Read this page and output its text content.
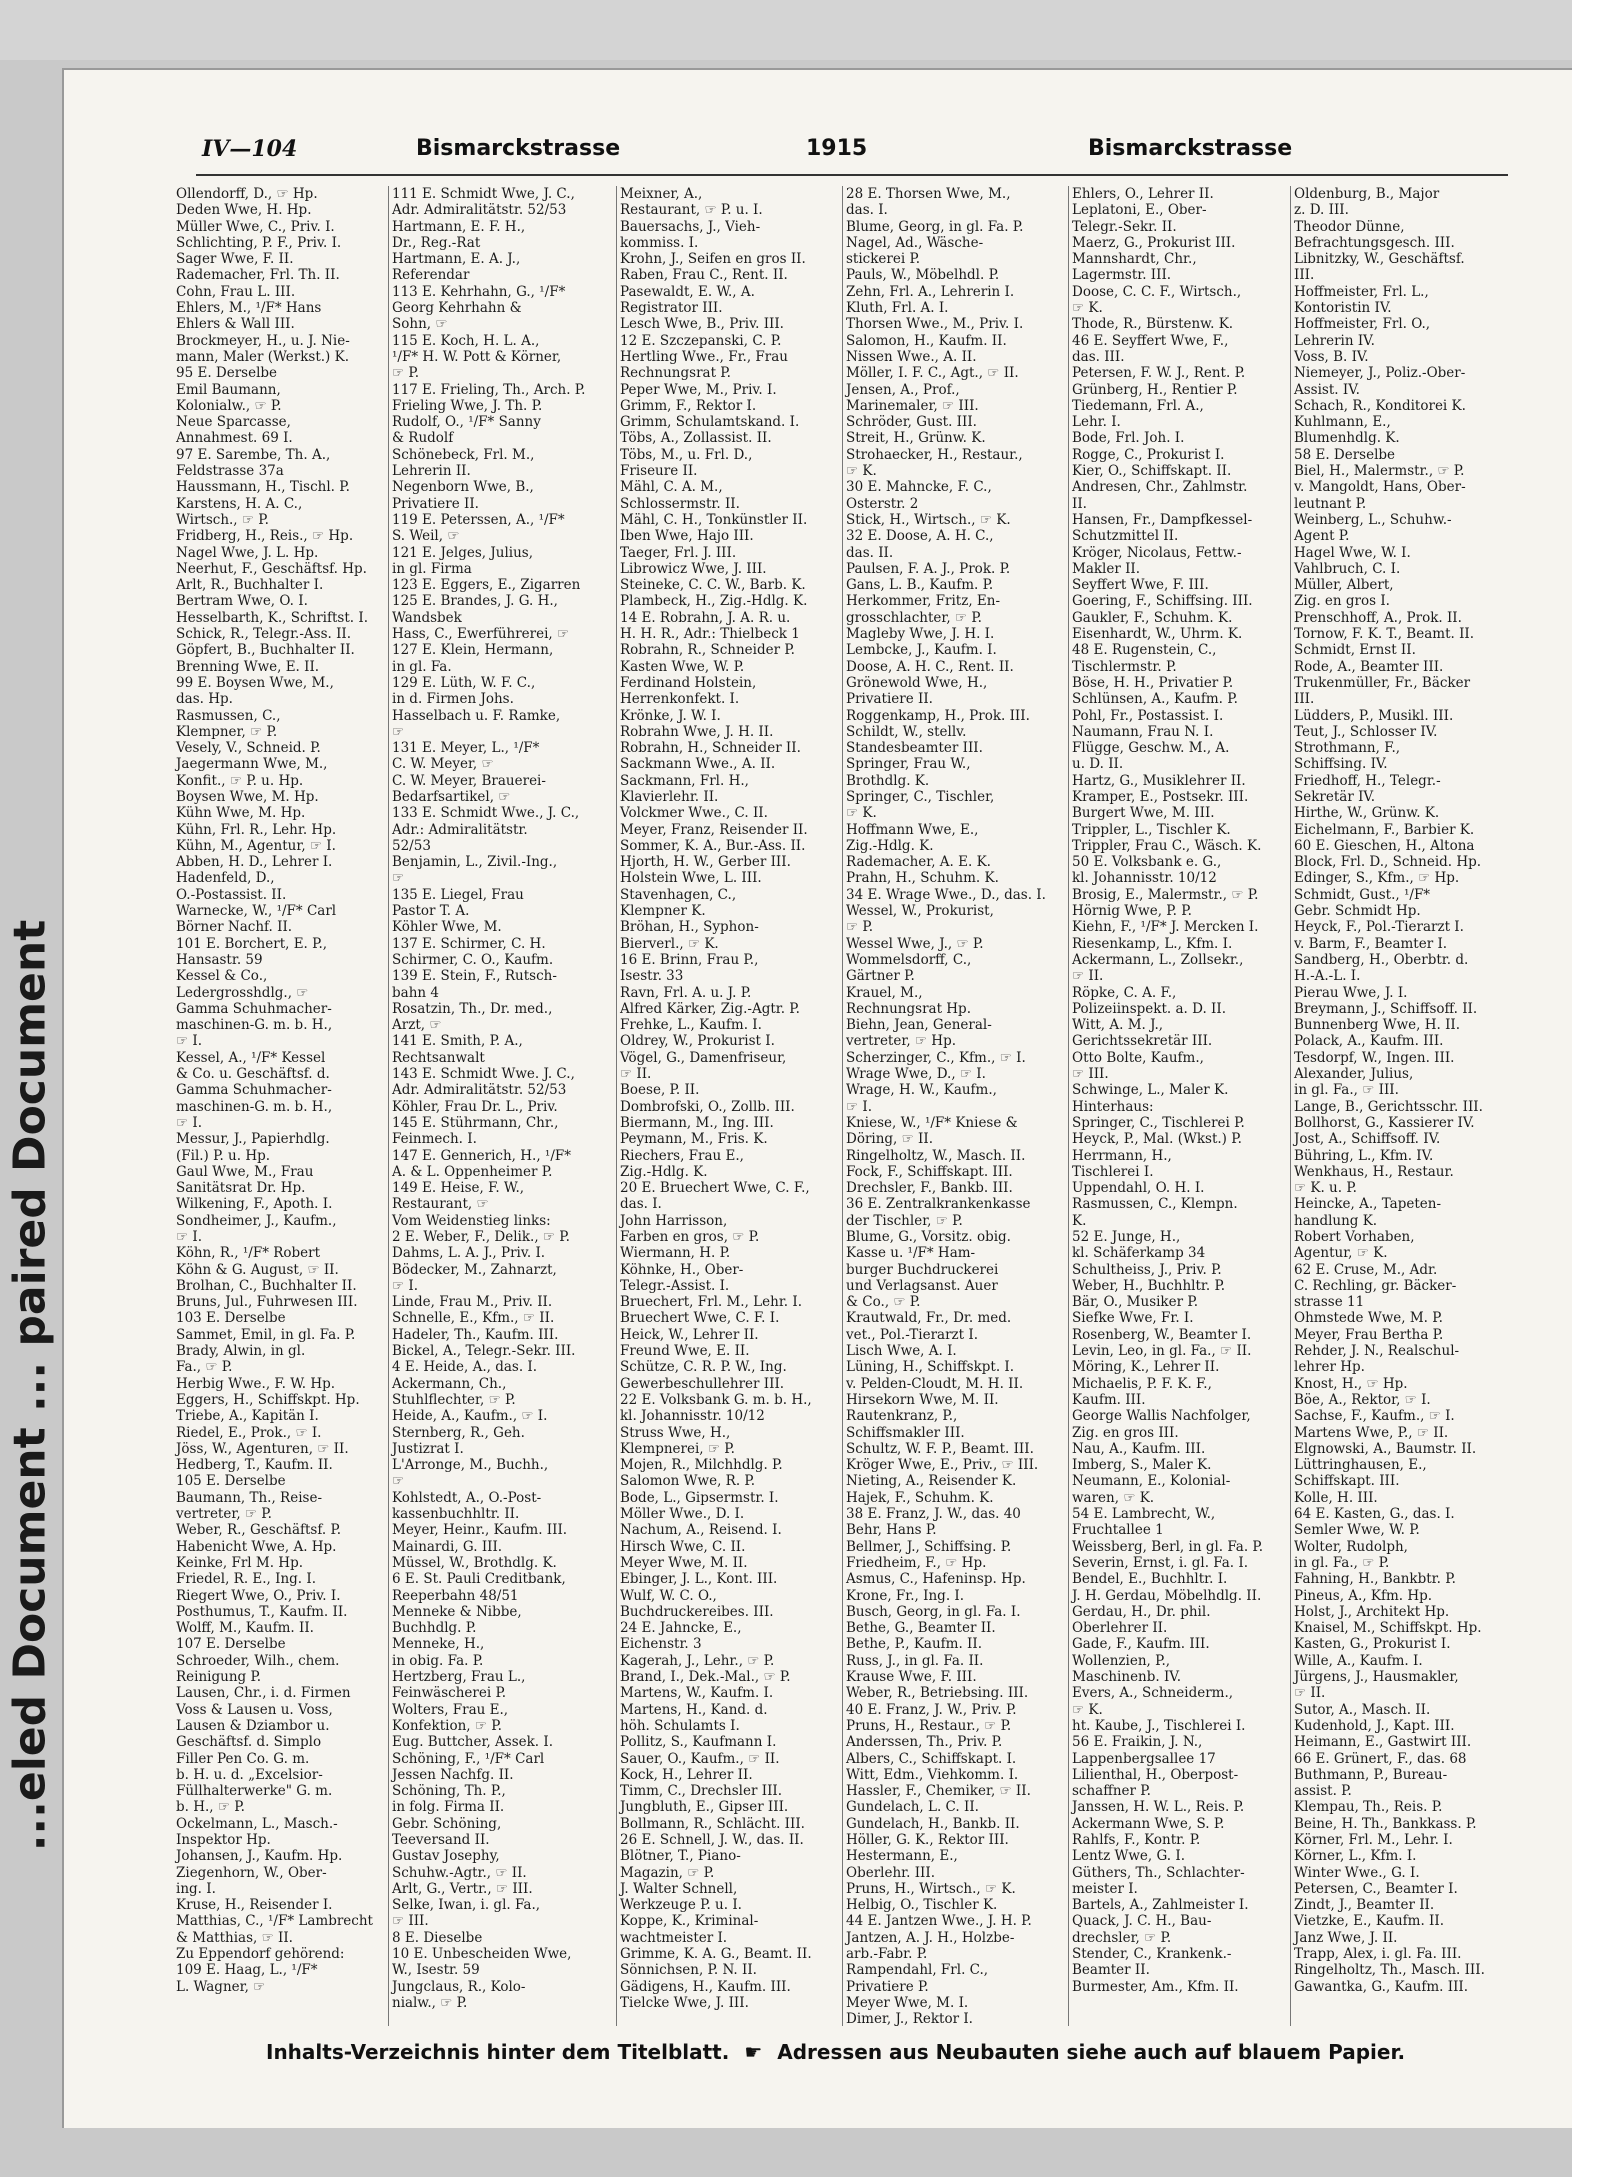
...eled Document ... paired Document
IV—104	Bismarckstrasse	1915	Bismarckstrasse
Ollendorff, D., ☞ Hp.
Deden Wwe, H. Hp.
Müller Wwe, C., Priv. I.
Schlichting, P. F., Priv. I.
Sager Wwe, F. II.
Rademacher, Frl. Th. II.
Cohn, Frau L. III.
Ehlers, M., ¹/F* Hans
Ehlers & Wall III.
Brockmeyer, H., u. J. Nie-
mann, Maler (Werkst.) K.
95 E. Derselbe
Emil Baumann,
Kolonialw., ☞ P.
Neue Sparcasse,
Annahmest. 69 I.
97 E. Sarembe, Th. A.,
Feldstrasse 37a
Haussmann, H., Tischl. P.
Karstens, H. A. C.,
Wirtsch., ☞ P.
Fridberg, H., Reis., ☞ Hp.
Nagel Wwe, J. L. Hp.
Neerhut, F., Geschäftsf. Hp.
Arlt, R., Buchhalter I.
Bertram Wwe, O. I.
Hesselbarth, K., Schriftst. I.
Schick, R., Telegr.-Ass. II.
Göpfert, B., Buchhalter II.
Brenning Wwe, E. II.
99 E. Boysen Wwe, M.,
das. Hp.
Rasmussen, C.,
Klempner, ☞ P.
Vesely, V., Schneid. P.
Jaegermann Wwe, M.,
Konfit., ☞ P. u. Hp.
Boysen Wwe, M. Hp.
Kühn Wwe, M. Hp.
Kühn, Frl. R., Lehr. Hp.
Kühn, M., Agentur, ☞ I.
Abben, H. D., Lehrer I.
Hadenfeld, D.,
O.-Postassist. II.
Warnecke, W., ¹/F* Carl
Börner Nachf. II.
101 E. Borchert, E. P.,
Hansastr. 59
Kessel & Co.,
Ledergrosshdlg., ☞
Gamma Schuhmacher-
maschinen-G. m. b. H.,
☞ I.
Kessel, A., ¹/F* Kessel
& Co. u. Geschäftsf. d.
Gamma Schuhmacher-
maschinen-G. m. b. H.,
☞ I.
Messur, J., Papierhdlg.
(Fil.) P. u. Hp.
Gaul Wwe, M., Frau
Sanitätsrat Dr. Hp.
Wilkening, F., Apoth. I.
Sondheimer, J., Kaufm.,
☞ I.
Köhn, R., ¹/F* Robert
Köhn & G. August, ☞ II.
Brolhan, C., Buchhalter II.
Bruns, Jul., Fuhrwesen III.
103 E. Derselbe
Sammet, Emil, in gl. Fa. P.
Brady, Alwin, in gl.
Fa., ☞ P.
Herbig Wwe., F. W. Hp.
Eggers, H., Schiffskpt. Hp.
Triebe, A., Kapitän I.
Riedel, E., Prok., ☞ I.
Jöss, W., Agenturen, ☞ II.
Hedberg, T., Kaufm. II.
105 E. Derselbe
Baumann, Th., Reise-
vertreter, ☞ P.
Weber, R., Geschäftsf. P.
Habenicht Wwe, A. Hp.
Keinke, Frl M. Hp.
Friedel, R. E., Ing. I.
Riegert Wwe, O., Priv. I.
Posthumus, T., Kaufm. II.
Wolff, M., Kaufm. II.
107 E. Derselbe
Schroeder, Wilh., chem.
Reinigung P.
Lausen, Chr., i. d. Firmen
Voss & Lausen u. Voss,
Lausen & Dziambor u.
Geschäftsf. d. Simplo
Filler Pen Co. G. m.
b. H. u. d. „Excelsior-
Füllhalterwerke" G. m.
b. H., ☞ P.
Ockelmann, L., Masch.-
Inspektor Hp.
Johansen, J., Kaufm. Hp.
Ziegenhorn, W., Ober-
ing. I.
Kruse, H., Reisender I.
Matthias, C., ¹/F* Lambrecht
& Matthias, ☞ II.
Zu Eppendorf gehörend:
109 E. Haag, L., ¹/F*
L. Wagner, ☞
111 E. Schmidt Wwe, J. C.,
Adr. Admiralitätstr. 52/53
Hartmann, E. F. H.,
Dr., Reg.-Rat
Hartmann, E. A. J.,
Referendar
113 E. Kehrhahn, G., ¹/F*
Georg Kehrhahn &
Sohn, ☞
115 E. Koch, H. L. A.,
¹/F* H. W. Pott & Körner,
☞ P.
117 E. Frieling, Th., Arch. P.
Frieling Wwe, J. Th. P.
Rudolf, O., ¹/F* Sanny
& Rudolf
Schönebeck, Frl. M.,
Lehrerin II.
Negenborn Wwe, B.,
Privatiere II.
119 E. Peterssen, A., ¹/F*
S. Weil, ☞
121 E. Jelges, Julius,
in gl. Firma
123 E. Eggers, E., Zigarren
125 E. Brandes, J. G. H.,
Wandsbek
Hass, C., Ewerführerei, ☞
127 E. Klein, Hermann,
in gl. Fa.
129 E. Lüth, W. F. C.,
in d. Firmen Johs.
Hasselbach u. F. Ramke,
☞
131 E. Meyer, L., ¹/F*
C. W. Meyer, ☞
C. W. Meyer, Brauerei-
Bedarfsartikel, ☞
133 E. Schmidt Wwe., J. C.,
Adr.: Admiralitätstr.
52/53
Benjamin, L., Zivil.-Ing.,
☞
135 E. Liegel, Frau
Pastor T. A.
Köhler Wwe, M.
137 E. Schirmer, C. H.
Schirmer, C. O., Kaufm.
139 E. Stein, F., Rutsch-
bahn 4
Rosatzin, Th., Dr. med.,
Arzt, ☞
141 E. Smith, P. A.,
Rechtsanwalt
143 E. Schmidt Wwe. J. C.,
Adr. Admiralitätstr. 52/53
Köhler, Frau Dr. L., Priv.
145 E. Stührmann, Chr.,
Feinmech. I.
147 E. Gennerich, H., ¹/F*
A. & L. Oppenheimer P.
149 E. Heise, F. W.,
Restaurant, ☞
Vom Weidenstieg links:
2 E. Weber, F., Delik., ☞ P.
Dahms, L. A. J., Priv. I.
Bödecker, M., Zahnarzt,
☞ I.
Linde, Frau M., Priv. II.
Schnelle, E., Kfm., ☞ II.
Hadeler, Th., Kaufm. III.
Bickel, A., Telegr.-Sekr. III.
4 E. Heide, A., das. I.
Ackermann, Ch.,
Stuhlflechter, ☞ P.
Heide, A., Kaufm., ☞ I.
Sternberg, R., Geh.
Justizrat I.
L'Arronge, M., Buchh.,
☞
Kohlstedt, A., O.-Post-
kassenbuchhltr. II.
Meyer, Heinr., Kaufm. III.
Mainardi, G. III.
Müssel, W., Brothdlg. K.
6 E. St. Pauli Creditbank,
Reeperbahn 48/51
Menneke & Nibbe,
Buchhdlg. P.
Menneke, H.,
in obig. Fa. P.
Hertzberg, Frau L.,
Feinwäscherei P.
Wolters, Frau E.,
Konfektion, ☞ P.
Eug. Buttcher, Assek. I.
Schöning, F., ¹/F* Carl
Jessen Nachfg. II.
Schöning, Th. P.,
in folg. Firma II.
Gebr. Schöning,
Teeversand II.
Gustav Josephy,
Schuhw.-Agtr., ☞ II.
Arlt, G., Vertr., ☞ III.
Selke, Iwan, i. gl. Fa.,
☞ III.
8 E. Dieselbe
10 E. Unbescheiden Wwe,
W., Isestr. 59
Jungclaus, R., Kolo-
nialw., ☞ P.
Meixner, A.,
Restaurant, ☞ P. u. I.
Bauersachs, J., Vieh-
kommiss. I.
Krohn, J., Seifen en gros II.
Raben, Frau C., Rent. II.
Pasewaldt, E. W., A.
Registrator III.
Lesch Wwe, B., Priv. III.
12 E. Szczepanski, C. P.
Hertling Wwe., Fr., Frau
Rechnungsrat P.
Peper Wwe, M., Priv. I.
Grimm, F., Rektor I.
Grimm, Schulamtskand. I.
Töbs, A., Zollassist. II.
Töbs, M., u. Frl. D.,
Friseure II.
Mähl, C. A. M.,
Schlossermstr. II.
Mähl, C. H., Tonkünstler II.
Iben Wwe, Hajo III.
Taeger, Frl. J. III.
Librowicz Wwe, J. III.
Steineke, C. C. W., Barb. K.
Plambeck, H., Zig.-Hdlg. K.
14 E. Robrahn, J. A. R. u.
H. H. R., Adr.: Thielbeck 1
Robrahn, R., Schneider P.
Kasten Wwe, W. P.
Ferdinand Holstein,
Herrenkonfekt. I.
Krönke, J. W. I.
Robrahn Wwe, J. H. II.
Robrahn, H., Schneider II.
Sackmann Wwe., A. II.
Sackmann, Frl. H.,
Klavierlehr. II.
Volckmer Wwe., C. II.
Meyer, Franz, Reisender II.
Sommer, K. A., Bur.-Ass. II.
Hjorth, H. W., Gerber III.
Holstein Wwe, L. III.
Stavenhagen, C.,
Klempner K.
Bröhan, H., Syphon-
Bierverl., ☞ K.
16 E. Brinn, Frau P.,
Isestr. 33
Ravn, Frl. A. u. J. P.
Alfred Kärker, Zig.-Agtr. P.
Frehke, L., Kaufm. I.
Oldrey, W., Prokurist I.
Vögel, G., Damenfriseur,
☞ II.
Boese, P. II.
Dombrofski, O., Zollb. III.
Biermann, M., Ing. III.
Peymann, M., Fris. K.
Riechers, Frau E.,
Zig.-Hdlg. K.
20 E. Bruechert Wwe, C. F.,
das. I.
John Harrisson,
Farben en gros, ☞ P.
Wiermann, H. P.
Köhnke, H., Ober-
Telegr.-Assist. I.
Bruechert, Frl. M., Lehr. I.
Bruechert Wwe, C. F. I.
Heick, W., Lehrer II.
Freund Wwe, E. II.
Schütze, C. R. P. W., Ing.
Gewerbeschullehrer III.
22 E. Volksbank G. m. b. H.,
kl. Johannisstr. 10/12
Struss Wwe, H.,
Klempnerei, ☞ P.
Mojen, R., Milchhdlg. P.
Salomon Wwe, R. P.
Bode, L., Gipsermstr. I.
Möller Wwe., D. I.
Nachum, A., Reisend. I.
Hirsch Wwe, C. II.
Meyer Wwe, M. II.
Ebinger, J. L., Kont. III.
Wulf, W. C. O.,
Buchdruckereibes. III.
24 E. Jahncke, E.,
Eichenstr. 3
Kagerah, J., Lehr., ☞ P.
Brand, I., Dek.-Mal., ☞ P.
Martens, W., Kaufm. I.
Martens, H., Kand. d.
höh. Schulamts I.
Pollitz, S., Kaufmann I.
Sauer, O., Kaufm., ☞ II.
Kock, H., Lehrer II.
Timm, C., Drechsler III.
Jungbluth, E., Gipser III.
Bollmann, R., Schlächt. III.
26 E. Schnell, J. W., das. II.
Blötner, T., Piano-
Magazin, ☞ P.
J. Walter Schnell,
Werkzeuge P. u. I.
Koppe, K., Kriminal-
wachtmeister I.
Grimme, K. A. G., Beamt. II.
Sönnichsen, P. N. II.
Gädigens, H., Kaufm. III.
Tielcke Wwe, J. III.
28 E. Thorsen Wwe, M.,
das. I.
Blume, Georg, in gl. Fa. P.
Nagel, Ad., Wäsche-
stickerei P.
Pauls, W., Möbelhdl. P.
Zehn, Frl. A., Lehrerin I.
Kluth, Frl. A. I.
Thorsen Wwe., M., Priv. I.
Salomon, H., Kaufm. II.
Nissen Wwe., A. II.
Möller, I. F. C., Agt., ☞ II.
Jensen, A., Prof.,
Marinemaler, ☞ III.
Schröder, Gust. III.
Streit, H., Grünw. K.
Strohaecker, H., Restaur.,
☞ K.
30 E. Mahncke, F. C.,
Osterstr. 2
Stick, H., Wirtsch., ☞ K.
32 E. Doose, A. H. C.,
das. II.
Paulsen, F. A. J., Prok. P.
Gans, L. B., Kaufm. P.
Herkommer, Fritz, En-
grosschlachter, ☞ P.
Magleby Wwe, J. H. I.
Lembcke, J., Kaufm. I.
Doose, A. H. C., Rent. II.
Grönewold Wwe, H.,
Privatiere II.
Roggenkamp, H., Prok. III.
Schildt, W., stellv.
Standesbeamter III.
Springer, Frau W.,
Brothdlg. K.
Springer, C., Tischler,
☞ K.
Hoffmann Wwe, E.,
Zig.-Hdlg. K.
Rademacher, A. E. K.
Prahn, H., Schuhm. K.
34 E. Wrage Wwe., D., das. I.
Wessel, W., Prokurist,
☞ P.
Wessel Wwe, J., ☞ P.
Wommelsdorff, C.,
Gärtner P.
Krauel, M.,
Rechnungsrat Hp.
Biehn, Jean, General-
vertreter, ☞ Hp.
Scherzinger, C., Kfm., ☞ I.
Wrage Wwe, D., ☞ I.
Wrage, H. W., Kaufm.,
☞ I.
Kniese, W., ¹/F* Kniese &
Döring, ☞ II.
Ringelholtz, W., Masch. II.
Fock, F., Schiffskapt. III.
Drechsler, F., Bankb. III.
36 E. Zentralkrankenkasse
der Tischler, ☞ P.
Blume, G., Vorsitz. obig.
Kasse u. ¹/F* Ham-
burger Buchdruckerei
und Verlagsanst. Auer
& Co., ☞ P.
Krautwald, Fr., Dr. med.
vet., Pol.-Tierarzt I.
Lisch Wwe, A. I.
Lüning, H., Schiffskpt. I.
v. Pelden-Cloudt, M. H. II.
Hirsekorn Wwe, M. II.
Rautenkranz, P.,
Schiffsmakler III.
Schultz, W. F. P., Beamt. III.
Kröger Wwe, E., Priv., ☞ III.
Nieting, A., Reisender K.
Hajek, F., Schuhm. K.
38 E. Franz, J. W., das. 40
Behr, Hans P.
Bellmer, J., Schiffsing. P.
Friedheim, F., ☞ Hp.
Asmus, C., Hafeninsp. Hp.
Krone, Fr., Ing. I.
Busch, Georg, in gl. Fa. I.
Bethe, G., Beamter II.
Bethe, P., Kaufm. II.
Russ, J., in gl. Fa. II.
Krause Wwe, F. III.
Weber, R., Betriebsing. III.
40 E. Franz, J. W., Priv. P.
Pruns, H., Restaur., ☞ P.
Anderssen, Th., Priv. P.
Albers, C., Schiffskapt. I.
Witt, Edm., Viehkomm. I.
Hassler, F., Chemiker, ☞ II.
Gundelach, L. C. II.
Gundelach, H., Bankb. II.
Höller, G. K., Rektor III.
Hestermann, E.,
Oberlehr. III.
Pruns, H., Wirtsch., ☞ K.
Helbig, O., Tischler K.
44 E. Jantzen Wwe., J. H. P.
Jantzen, A. J. H., Holzbe-
arb.-Fabr. P.
Rampendahl, Frl. C.,
Privatiere P.
Meyer Wwe, M. I.
Dimer, J., Rektor I.
Ehlers, O., Lehrer II.
Leplatoni, E., Ober-
Telegr.-Sekr. II.
Maerz, G., Prokurist III.
Mannshardt, Chr.,
Lagermstr. III.
Doose, C. C. F., Wirtsch.,
☞ K.
Thode, R., Bürstenw. K.
46 E. Seyffert Wwe, F.,
das. III.
Petersen, F. W. J., Rent. P.
Grünberg, H., Rentier P.
Tiedemann, Frl. A.,
Lehr. I.
Bode, Frl. Joh. I.
Rogge, C., Prokurist I.
Kier, O., Schiffskapt. II.
Andresen, Chr., Zahlmstr.
II.
Hansen, Fr., Dampfkessel-
Schutzmittel II.
Kröger, Nicolaus, Fettw.-
Makler II.
Seyffert Wwe, F. III.
Goering, F., Schiffsing. III.
Gaukler, F., Schuhm. K.
Eisenhardt, W., Uhrm. K.
48 E. Rugenstein, C.,
Tischlermstr. P.
Böse, H. H., Privatier P.
Schlünsen, A., Kaufm. P.
Pohl, Fr., Postassist. I.
Naumann, Frau N. I.
Flügge, Geschw. M., A.
u. D. II.
Hartz, G., Musiklehrer II.
Kramper, E., Postsekr. III.
Burgert Wwe, M. III.
Trippler, L., Tischler K.
Trippler, Frau C., Wäsch. K.
50 E. Volksbank e. G.,
kl. Johannisstr. 10/12
Brosig, E., Malermstr., ☞ P.
Hörnig Wwe, P. P.
Kiehn, F., ¹/F* J. Mercken I.
Riesenkamp, L., Kfm. I.
Ackermann, L., Zollsekr.,
☞ II.
Röpke, C. A. F.,
Polizeiinspekt. a. D. II.
Witt, A. M. J.,
Gerichtssekretär III.
Otto Bolte, Kaufm.,
☞ III.
Schwinge, L., Maler K.
Hinterhaus:
Springer, C., Tischlerei P.
Heyck, P., Mal. (Wkst.) P.
Herrmann, H.,
Tischlerei I.
Uppendahl, O. H. I.
Rasmussen, C., Klempn.
K.
52 E. Junge, H.,
kl. Schäferkamp 34
Schultheiss, J., Priv. P.
Weber, H., Buchhltr. P.
Bär, O., Musiker P.
Siefke Wwe, Fr. I.
Rosenberg, W., Beamter I.
Levin, Leo, in gl. Fa., ☞ II.
Möring, K., Lehrer II.
Michaelis, P. F. K. F.,
Kaufm. III.
George Wallis Nachfolger,
Zig. en gros III.
Nau, A., Kaufm. III.
Imberg, S., Maler K.
Neumann, E., Kolonial-
waren, ☞ K.
54 E. Lambrecht, W.,
Fruchtallee 1
Weissberg, Berl, in gl. Fa. P.
Severin, Ernst, i. gl. Fa. I.
Bendel, E., Buchhltr. I.
J. H. Gerdau, Möbelhdlg. II.
Gerdau, H., Dr. phil.
Oberlehrer II.
Gade, F., Kaufm. III.
Wollenzien, P.,
Maschinenb. IV.
Evers, A., Schneiderm.,
☞ K.
ht. Kaube, J., Tischlerei I.
56 E. Fraikin, J. N.,
Lappenbergsallee 17
Lilienthal, H., Oberpost-
schaffner P.
Janssen, H. W. L., Reis. P.
Ackermann Wwe, S. P.
Rahlfs, F., Kontr. P.
Lentz Wwe, G. I.
Güthers, Th., Schlachter-
meister I.
Bartels, A., Zahlmeister I.
Quack, J. C. H., Bau-
drechsler, ☞ P.
Stender, C., Krankenk.-
Beamter II.
Burmester, Am., Kfm. II.
Oldenburg, B., Major
z. D. III.
Theodor Dünne,
Befrachtungsgesch. III.
Libnitzky, W., Geschäftsf.
III.
Hoffmeister, Frl. L.,
Kontoristin IV.
Hoffmeister, Frl. O.,
Lehrerin IV.
Voss, B. IV.
Niemeyer, J., Poliz.-Ober-
Assist. IV.
Schach, R., Konditorei K.
Kuhlmann, E.,
Blumenhdlg. K.
58 E. Derselbe
Biel, H., Malermstr., ☞ P.
v. Mangoldt, Hans, Ober-
leutnant P.
Weinberg, L., Schuhw.-
Agent P.
Hagel Wwe, W. I.
Vahlbruch, C. I.
Müller, Albert,
Zig. en gros I.
Prenschhoff, A., Prok. II.
Tornow, F. K. T., Beamt. II.
Schmidt, Ernst II.
Rode, A., Beamter III.
Trukenmüller, Fr., Bäcker
III.
Lüdders, P., Musikl. III.
Teut, J., Schlosser IV.
Strothmann, F.,
Schiffsing. IV.
Friedhoff, H., Telegr.-
Sekretär IV.
Hirthe, W., Grünw. K.
Eichelmann, F., Barbier K.
60 E. Gieschen, H., Altona
Block, Frl. D., Schneid. Hp.
Edinger, S., Kfm., ☞ Hp.
Schmidt, Gust., ¹/F*
Gebr. Schmidt Hp.
Heyck, F., Pol.-Tierarzt I.
v. Barm, F., Beamter I.
Sandberg, H., Oberbtr. d.
H.-A.-L. I.
Pierau Wwe, J. I.
Breymann, J., Schiffsoff. II.
Bunnenberg Wwe, H. II.
Polack, A., Kaufm. III.
Tesdorpf, W., Ingen. III.
Alexander, Julius,
in gl. Fa., ☞ III.
Lange, B., Gerichtsschr. III.
Bollhorst, G., Kassierer IV.
Jost, A., Schiffsoff. IV.
Bühring, L., Kfm. IV.
Wenkhaus, H., Restaur.
☞ K. u. P.
Heincke, A., Tapeten-
handlung K.
Robert Vorhaben,
Agentur, ☞ K.
62 E. Cruse, M., Adr.
C. Rechling, gr. Bäcker-
strasse 11
Ohmstede Wwe, M. P.
Meyer, Frau Bertha P.
Rehder, J. N., Realschul-
lehrer Hp.
Knost, H., ☞ Hp.
Böe, A., Rektor, ☞ I.
Sachse, F., Kaufm., ☞ I.
Martens Wwe, P., ☞ II.
Elgnowski, A., Baumstr. II.
Lüttringhausen, E.,
Schiffskapt. III.
Kolle, H. III.
64 E. Kasten, G., das. I.
Semler Wwe, W. P.
Wolter, Rudolph,
in gl. Fa., ☞ P.
Fahning, H., Bankbtr. P.
Pineus, A., Kfm. Hp.
Holst, J., Architekt Hp.
Knaisel, M., Schiffskpt. Hp.
Kasten, G., Prokurist I.
Wille, A., Kaufm. I.
Jürgens, J., Hausmakler,
☞ II.
Sutor, A., Masch. II.
Kudenhold, J., Kapt. III.
Heimann, E., Gastwirt III.
66 E. Grünert, F., das. 68
Buthmann, P., Bureau-
assist. P.
Klempau, Th., Reis. P.
Beine, H. Th., Bankkass. P.
Körner, Frl. M., Lehr. I.
Körner, L., Kfm. I.
Winter Wwe., G. I.
Petersen, C., Beamter I.
Zindt, J., Beamter II.
Vietzke, E., Kaufm. II.
Janz Wwe, J. II.
Trapp, Alex, i. gl. Fa. III.
Ringelholtz, Th., Masch. III.
Gawantka, G., Kaufm. III.
Inhalts-Verzeichnis hinter dem Titelblatt. ☛ Adressen aus Neubauten siehe auch auf blauem Papier.
